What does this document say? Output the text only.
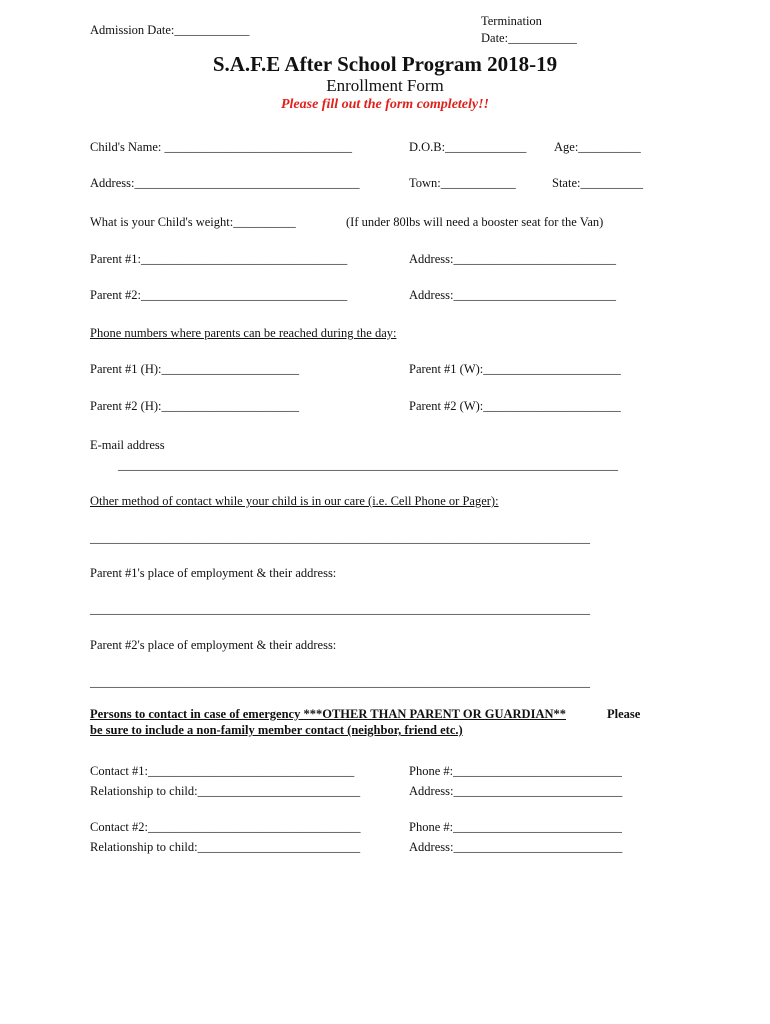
Admission Date:____________
Termination
Date:___________
S.A.F.E After School Program 2018-19
Enrollment Form
Please fill out the form completely!!
Child's Name: ______________________________	D.O.B:_____________ Age:__________
Address:____________________________________	Town:____________	State:__________
What is your Child's weight:__________	(If under 80lbs will need a booster seat for the Van)
Parent #1:_________________________________	Address:__________________________
Parent #2:_________________________________	Address:__________________________
Phone numbers where parents can be reached during the day:
Parent #1 (H):______________________	Parent #1 (W):______________________
Parent #2 (H):______________________	Parent #2 (W):______________________
E-mail address
________________________________________________________________________________
Other method of contact while your child is in our care (i.e. Cell Phone or Pager):
________________________________________________________________________________
Parent #1's place of employment & their address:
________________________________________________________________________________
Parent #2's place of employment & their address:
________________________________________________________________________________
Persons to contact in case of emergency ***OTHER THAN PARENT OR GUARDIAN**	Please
be sure to include a non-family member contact (neighbor, friend etc.)
Contact #1:_________________________________	Phone #:___________________________
Relationship to child:__________________________	Address:___________________________
Contact #2:__________________________________	Phone #:___________________________
Relationship to child:__________________________	Address:___________________________
